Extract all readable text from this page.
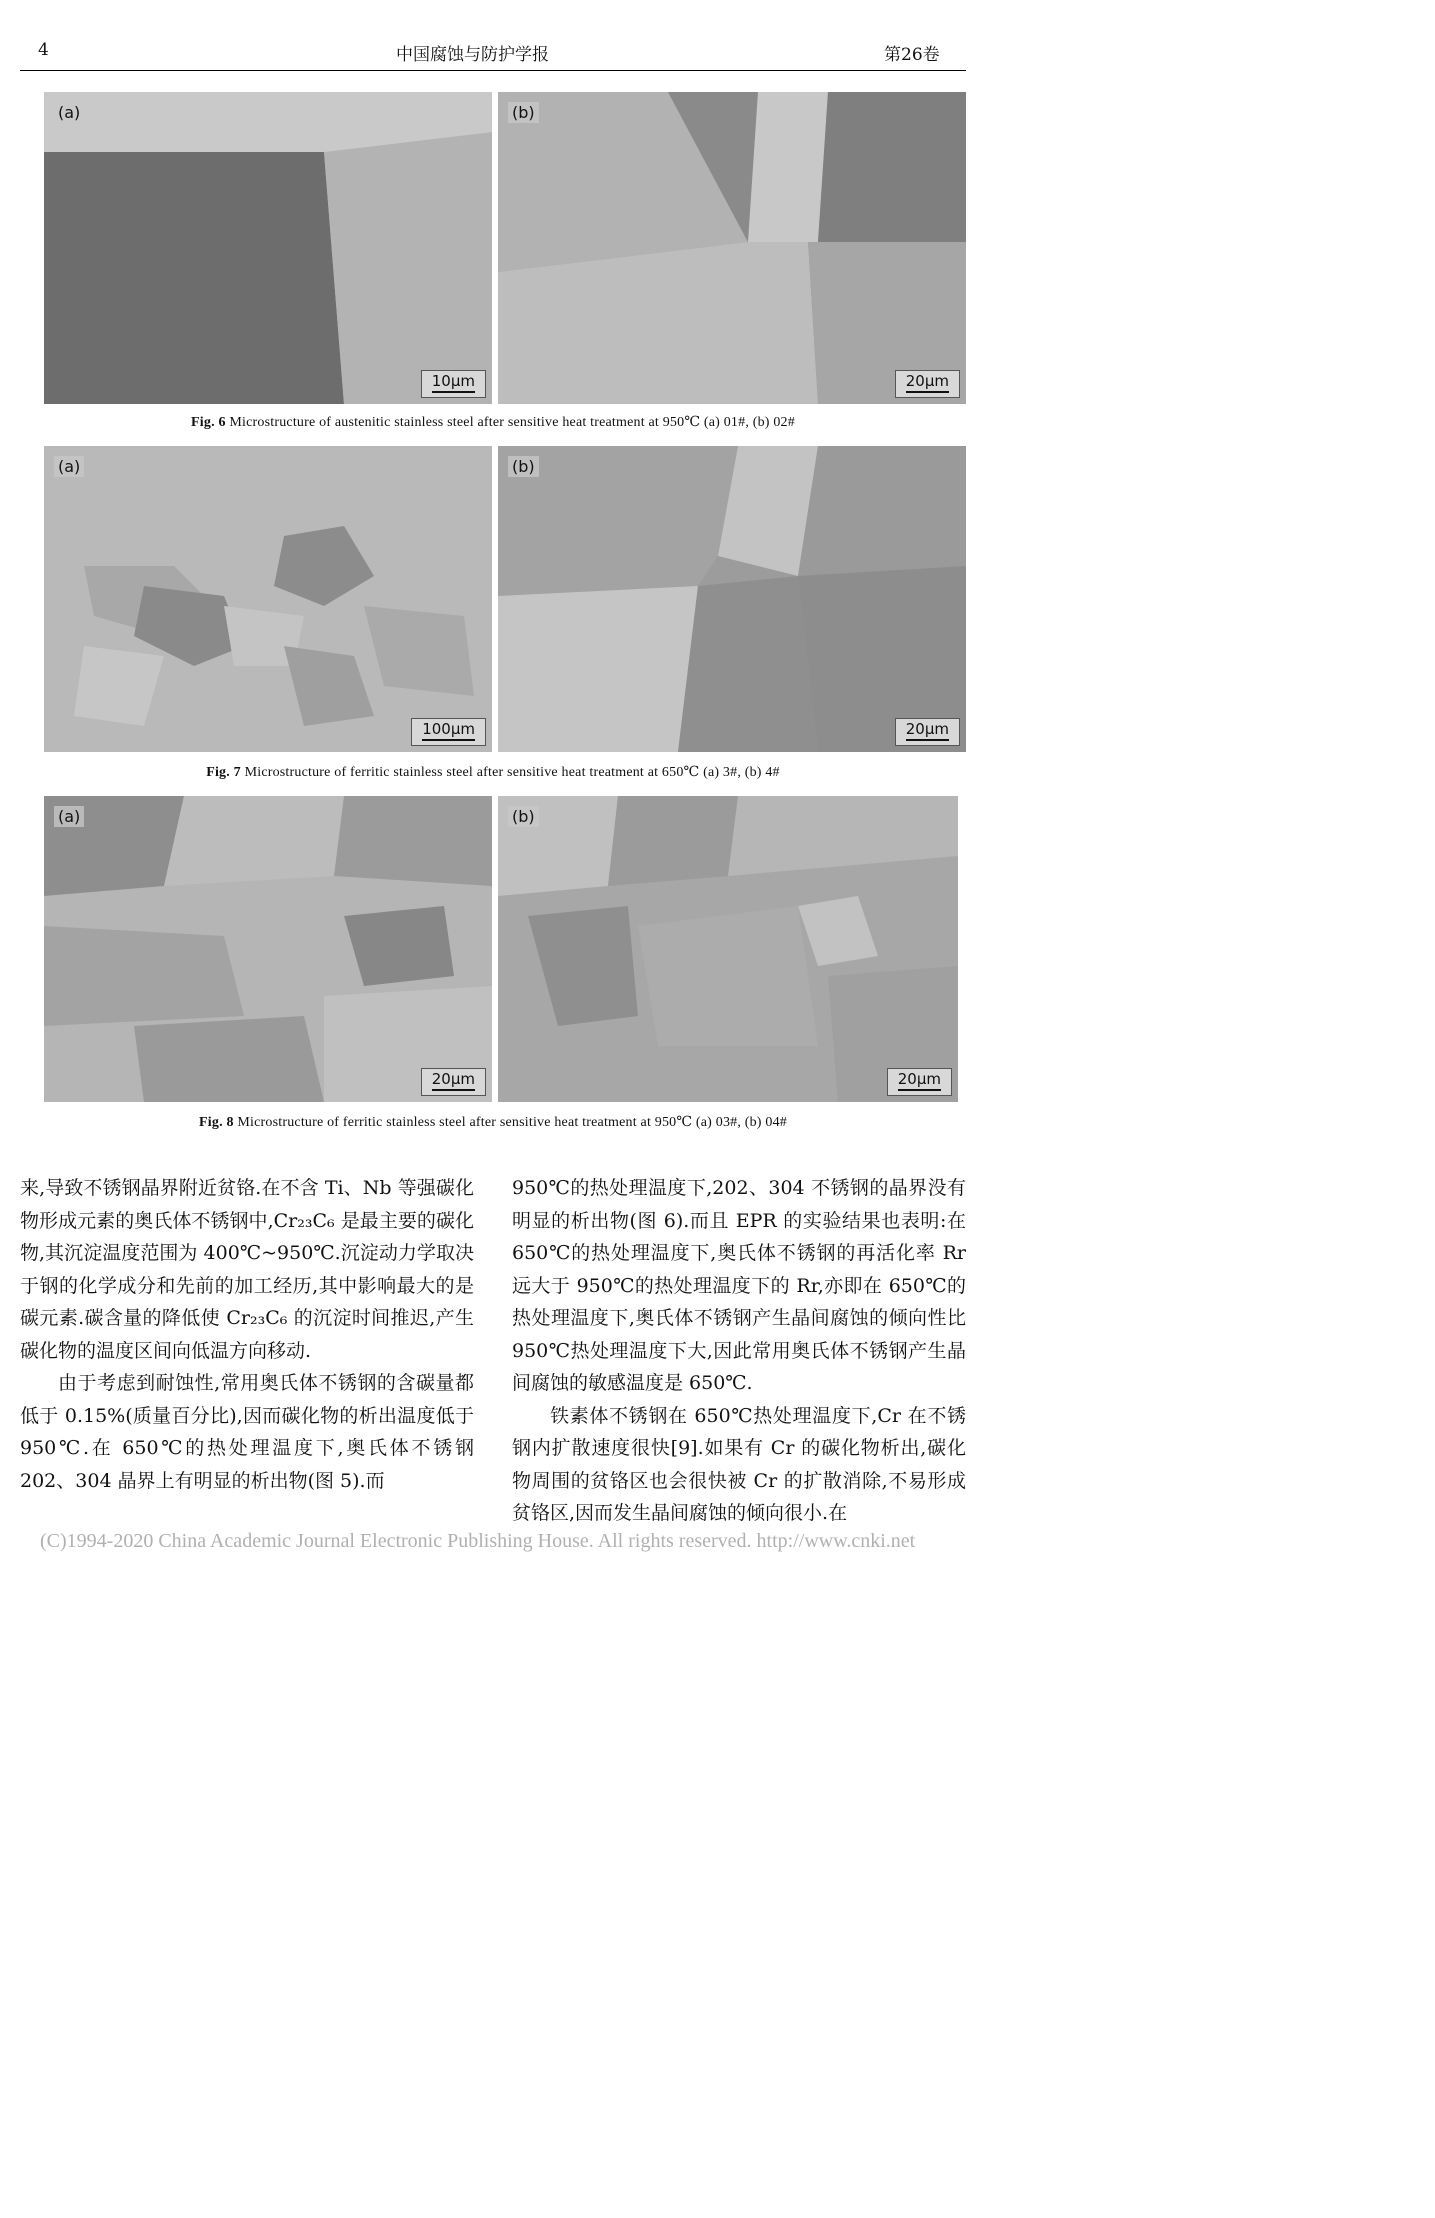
4	中国腐蚀与防护学报	第26卷
(a)
10μm
(b)
20μm
Fig. 6 Microstructure of austenitic stainless steel after sensitive heat treatment at 950℃ (a) 01#, (b) 02#
(a)
100μm
(b)
20μm
Fig. 7 Microstructure of ferritic stainless steel after sensitive heat treatment at 650℃ (a) 3#, (b) 4#
(a)
20μm
(b)
20μm
Fig. 8 Microstructure of ferritic stainless steel after sensitive heat treatment at 950℃ (a) 03#, (b) 04#

来,导致不锈钢晶界附近贫铬.在不含 Ti、Nb 等强碳化物形成元素的奥氏体不锈钢中,Cr₂₃C₆ 是最主要的碳化物,其沉淀温度范围为 400℃~950℃.沉淀动力学取决于钢的化学成分和先前的加工经历,其中影响最大的是碳元素.碳含量的降低使 Cr₂₃C₆ 的沉淀时间推迟,产生碳化物的温度区间向低温方向移动.

由于考虑到耐蚀性,常用奥氏体不锈钢的含碳量都低于 0.15%(质量百分比),因而碳化物的析出温度低于 950℃.在 650℃的热处理温度下,奥氏体不锈钢 202、304 晶界上有明显的析出物(图 5).而

950℃的热处理温度下,202、304 不锈钢的晶界没有明显的析出物(图 6).而且 EPR 的实验结果也表明:在 650℃的热处理温度下,奥氏体不锈钢的再活化率 Rr 远大于 950℃的热处理温度下的 Rr,亦即在 650℃的热处理温度下,奥氏体不锈钢产生晶间腐蚀的倾向性比 950℃热处理温度下大,因此常用奥氏体不锈钢产生晶间腐蚀的敏感温度是 650℃.

铁素体不锈钢在 650℃热处理温度下,Cr 在不锈钢内扩散速度很快[9].如果有 Cr 的碳化物析出,碳化物周围的贫铬区也会很快被 Cr 的扩散消除,不易形成贫铬区,因而发生晶间腐蚀的倾向很小.在

(C)1994-2020 China Academic Journal Electronic Publishing House. All rights reserved. http://www.cnki.net
